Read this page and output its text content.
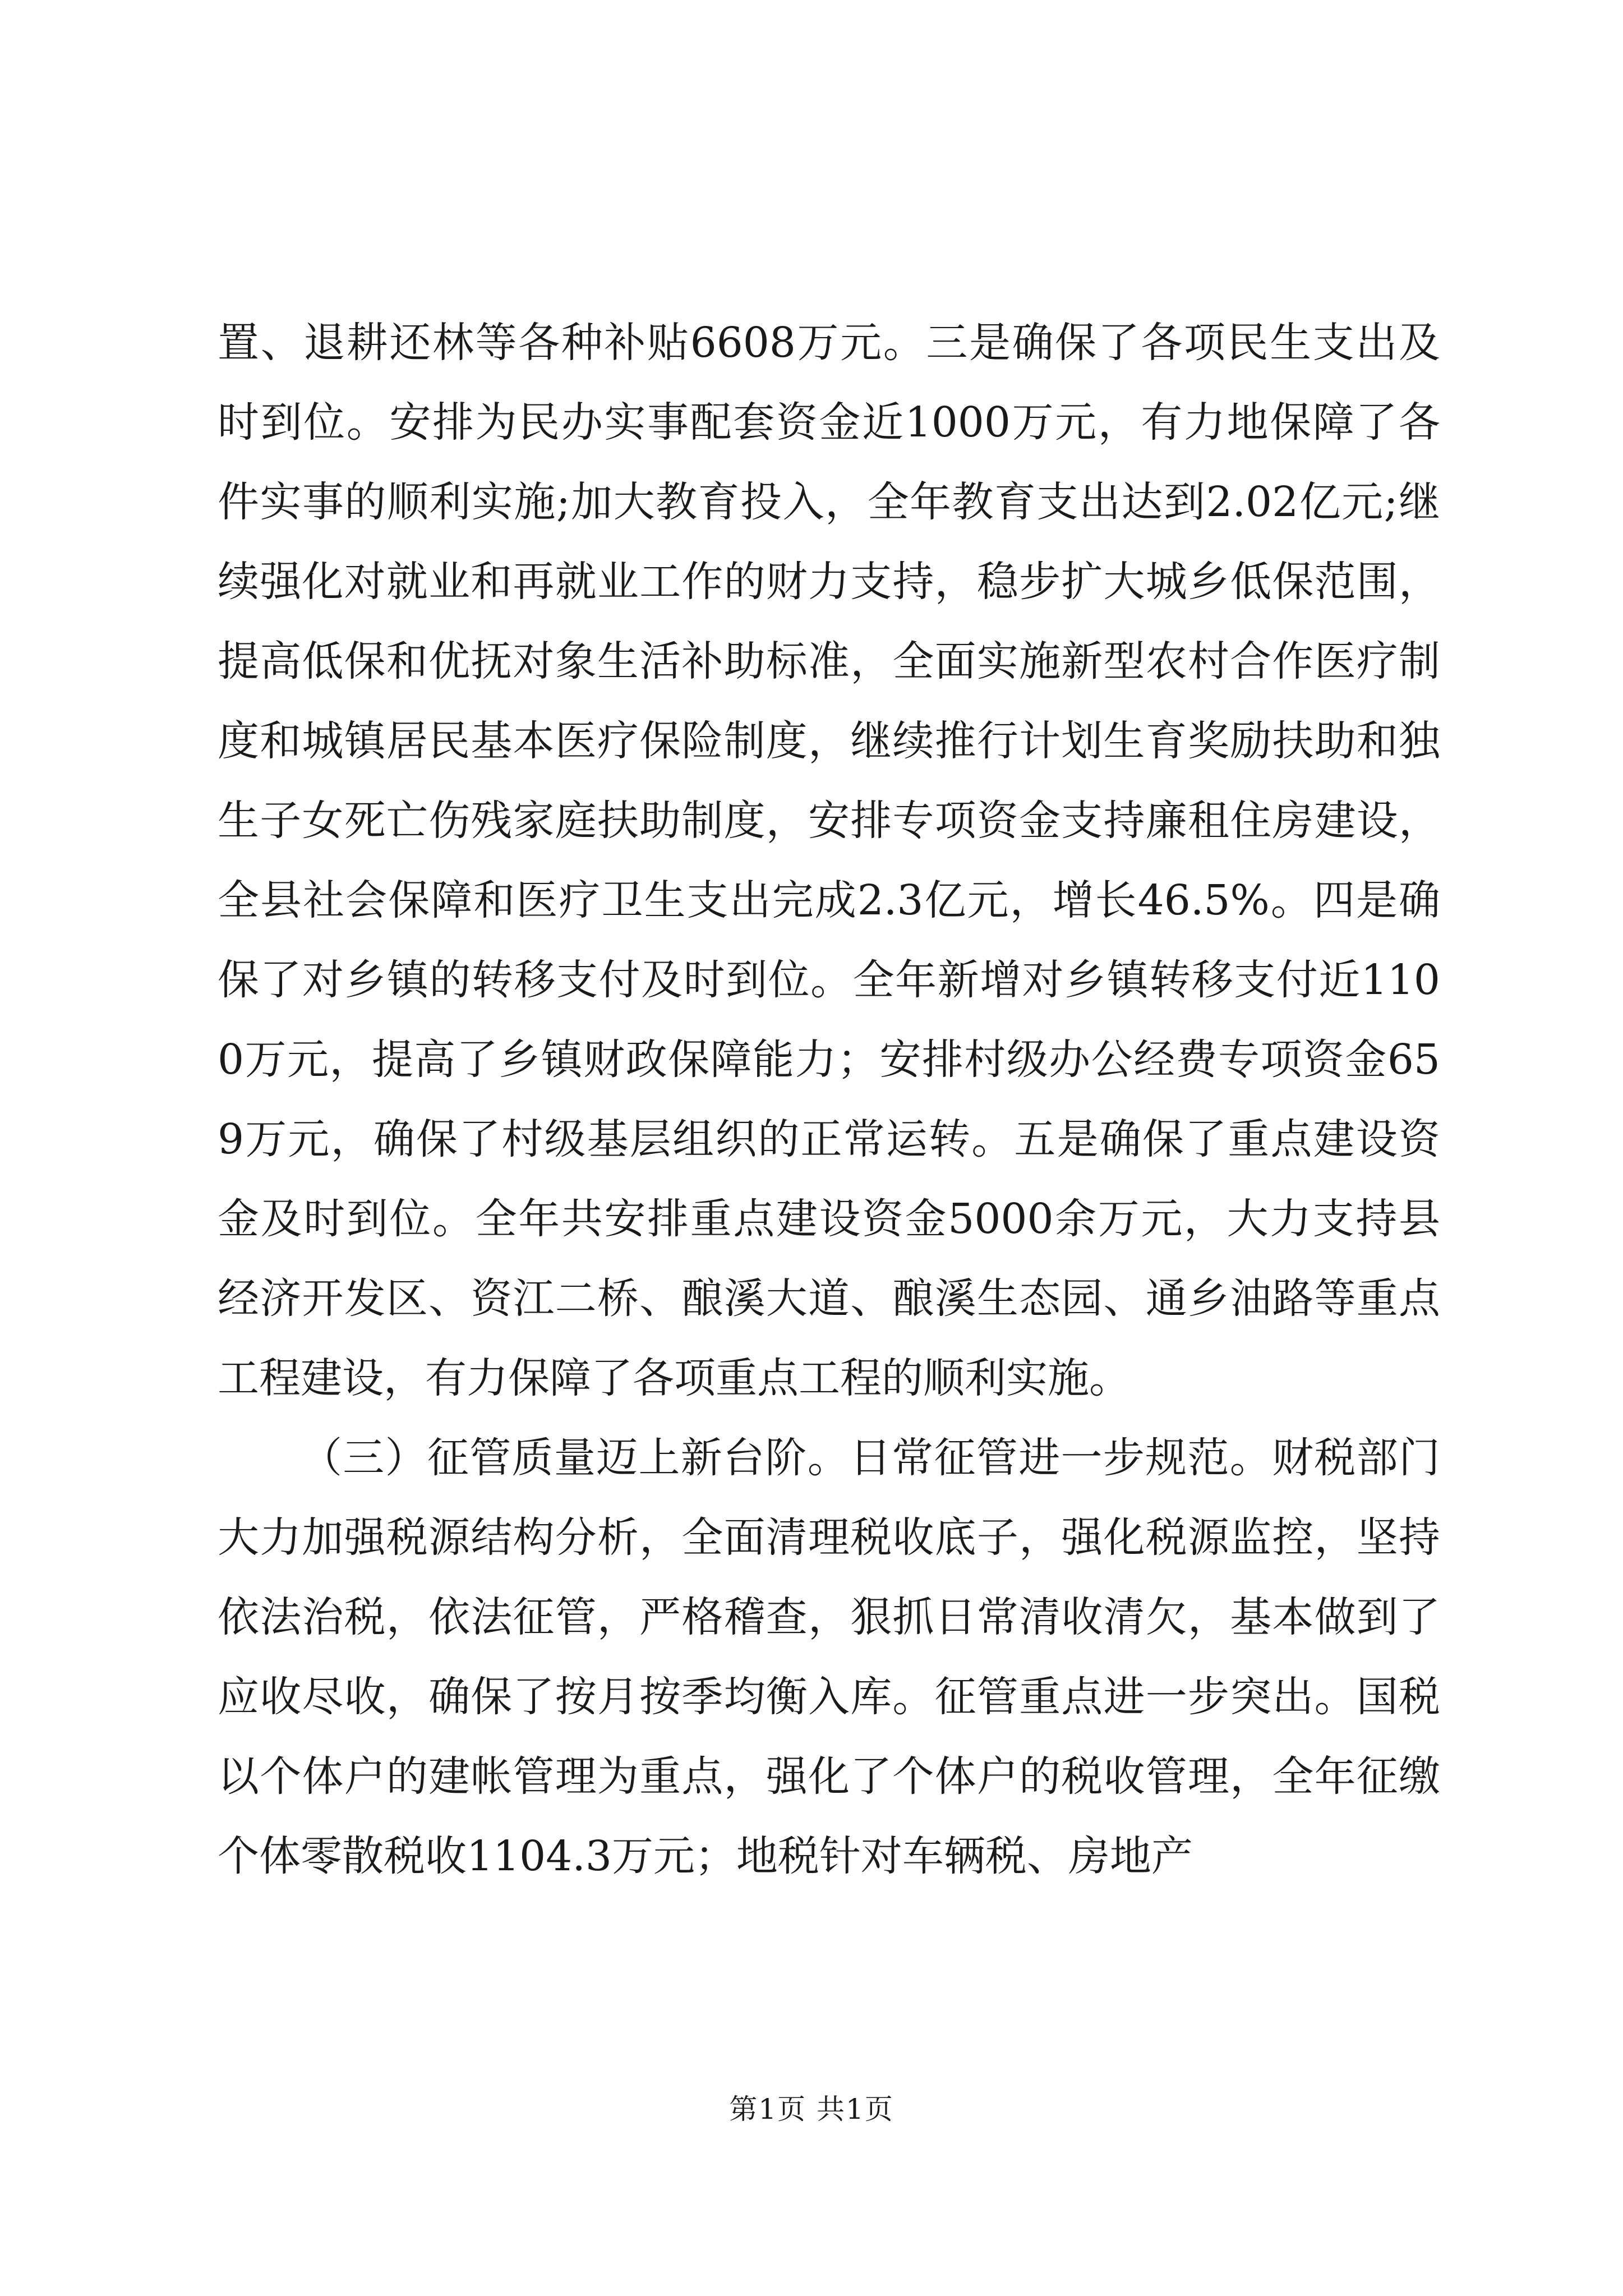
置、退耕还林等各种补贴6608万元。三是确保了各项民生支出及时到位。安排为民办实事配套资金近1000万元，有力地保障了各件实事的顺利实施;加大教育投入，全年教育支出达到2.02亿元;继续强化对就业和再就业工作的财力支持，稳步扩大城乡低保范围，提高低保和优抚对象生活补助标准，全面实施新型农村合作医疗制度和城镇居民基本医疗保险制度，继续推行计划生育奖励扶助和独生子女死亡伤残家庭扶助制度，安排专项资金支持廉租住房建设，全县社会保障和医疗卫生支出完成2.3亿元，增长46.5%。四是确保了对乡镇的转移支付及时到位。全年新增对乡镇转移支付近1100万元，提高了乡镇财政保障能力；安排村级办公经费专项资金659万元，确保了村级基层组织的正常运转。五是确保了重点建设资金及时到位。全年共安排重点建设资金5000余万元，大力支持县经济开发区、资江二桥、酿溪大道、酿溪生态园、通乡油路等重点工程建设，有力保障了各项重点工程的顺利实施。

（三）征管质量迈上新台阶。日常征管进一步规范。财税部门大力加强税源结构分析，全面清理税收底子，强化税源监控，坚持依法治税，依法征管，严格稽查，狠抓日常清收清欠，基本做到了应收尽收，确保了按月按季均衡入库。征管重点进一步突出。国税以个体户的建帐管理为重点，强化了个体户的税收管理，全年征缴个体零散税收1104.3万元；地税针对车辆税、房地产

第1页 共1页
